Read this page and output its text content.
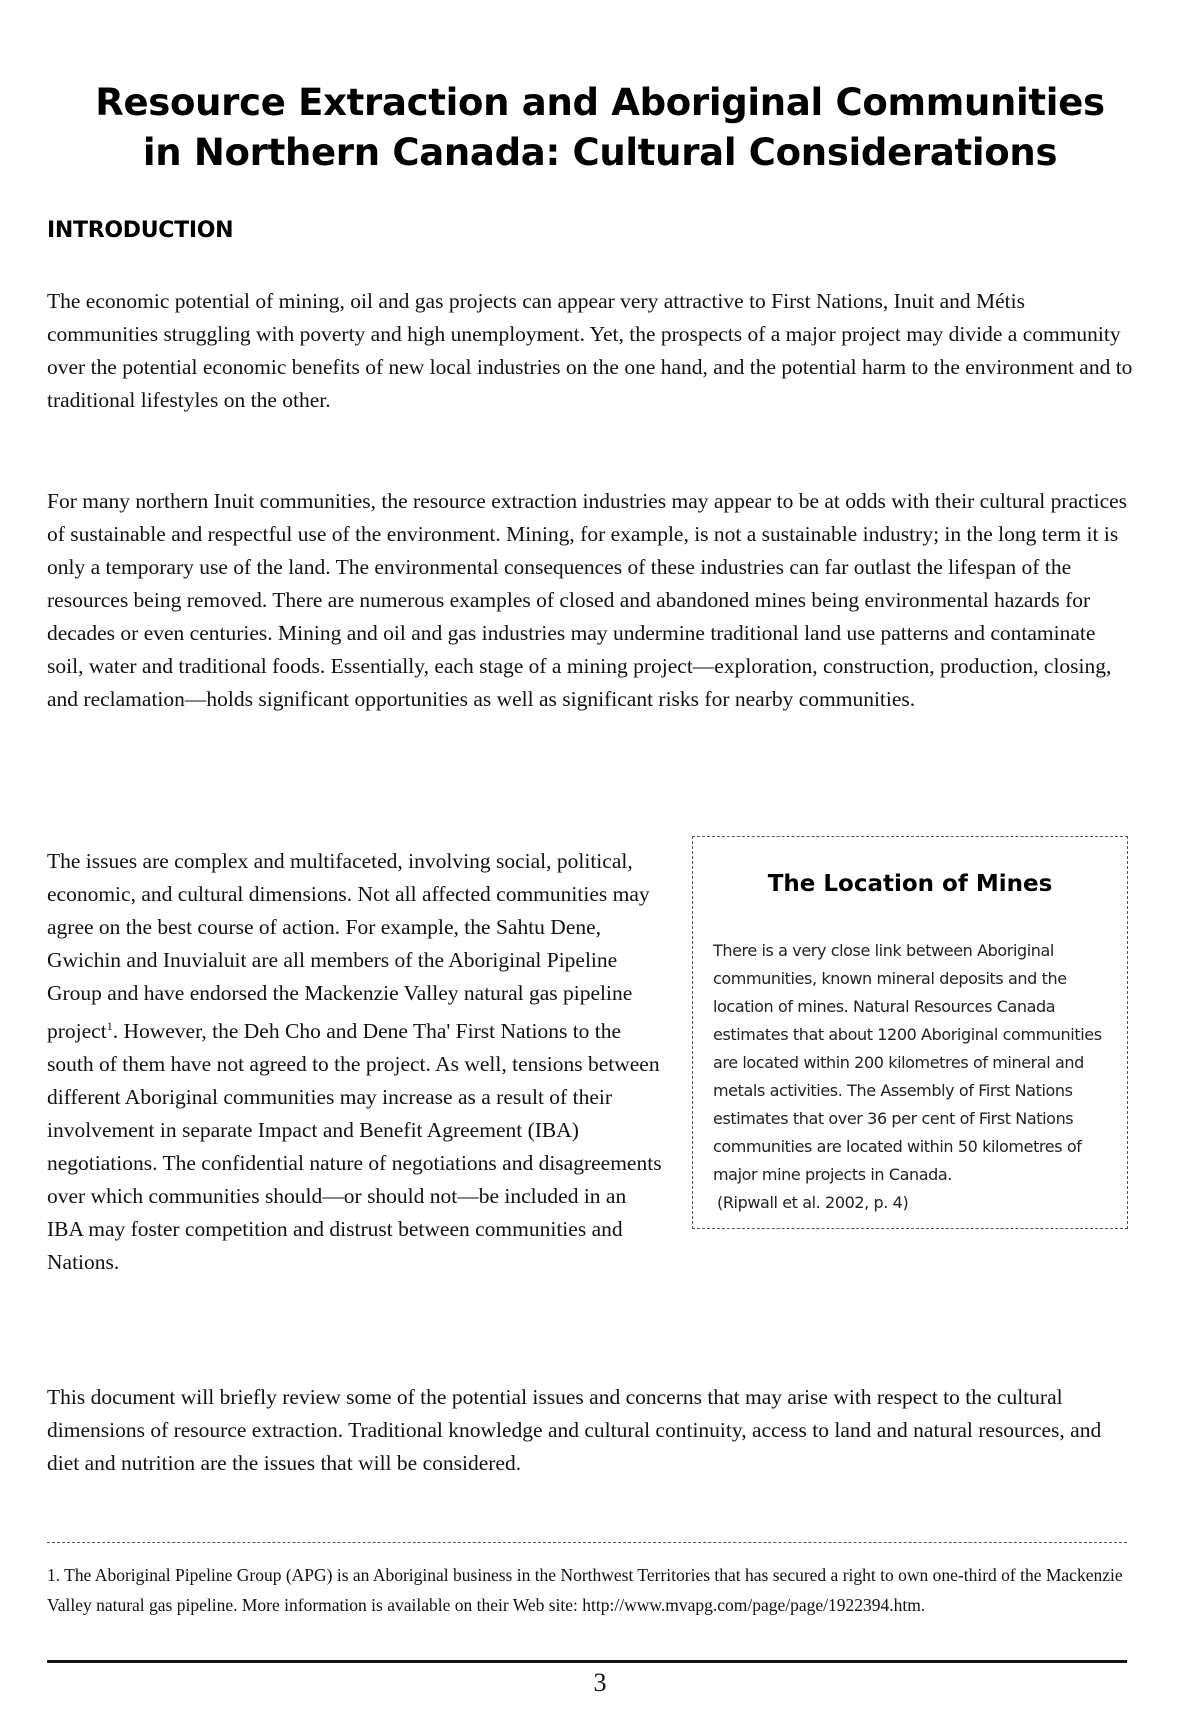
Resource Extraction and Aboriginal Communities
in Northern Canada: Cultural Considerations
INTRODUCTION

The economic potential of mining, oil and gas projects can appear very attractive to First Nations, Inuit and Métis communities struggling with poverty and high unemployment. Yet, the prospects of a major project may divide a community over the potential economic benefits of new local industries on the one hand, and the potential harm to the environment and to traditional lifestyles on the other.

For many northern Inuit communities, the resource extraction industries may appear to be at odds with their cultural practices of sustainable and respectful use of the environment. Mining, for example, is not a sustainable industry; in the long term it is only a temporary use of the land. The environmental consequences of these industries can far outlast the lifespan of the resources being removed. There are numerous examples of closed and abandoned mines being environmental hazards for decades or even centuries. Mining and oil and gas industries may undermine traditional land use patterns and contaminate soil, water and traditional foods. Essentially, each stage of a mining project—exploration, construction, production, closing, and reclamation—holds significant opportunities as well as significant risks for nearby communities.

The issues are complex and multifaceted, involving social, political, economic, and cultural dimensions. Not all affected communities may agree on the best course of action. For example, the Sahtu Dene, Gwichin and Inuvialuit are all members of the Aboriginal Pipeline Group and have endorsed the Mackenzie Valley natural gas pipeline project$^1$. However, the Deh Cho and Dene Tha' First Nations to the south of them have not agreed to the project. As well, tensions between different Aboriginal communities may increase as a result of their involvement in separate Impact and Benefit Agreement (IBA) negotiations. The confidential nature of negotiations and disagreements over which communities should—or should not—be included in an IBA may foster competition and distrust between communities and Nations.

The Location of Mines

There is a very close link between Aboriginal communities, known mineral deposits and the location of mines. Natural Resources Canada estimates that about 1200 Aboriginal communities are located within 200 kilometres of mineral and metals activities. The Assembly of First Nations estimates that over 36 per cent of First Nations communities are located within 50 kilometres of major mine projects in Canada.
(Ripwall et al. 2002, p. 4)

This document will briefly review some of the potential issues and concerns that may arise with respect to the cultural dimensions of resource extraction. Traditional knowledge and cultural continuity, access to land and natural resources, and diet and nutrition are the issues that will be considered.

1. The Aboriginal Pipeline Group (APG) is an Aboriginal business in the Northwest Territories that has secured a right to own one-third of the Mackenzie Valley natural gas pipeline. More information is available on their Web site: http://www.mvapg.com/page/page/1922394.htm.

3
